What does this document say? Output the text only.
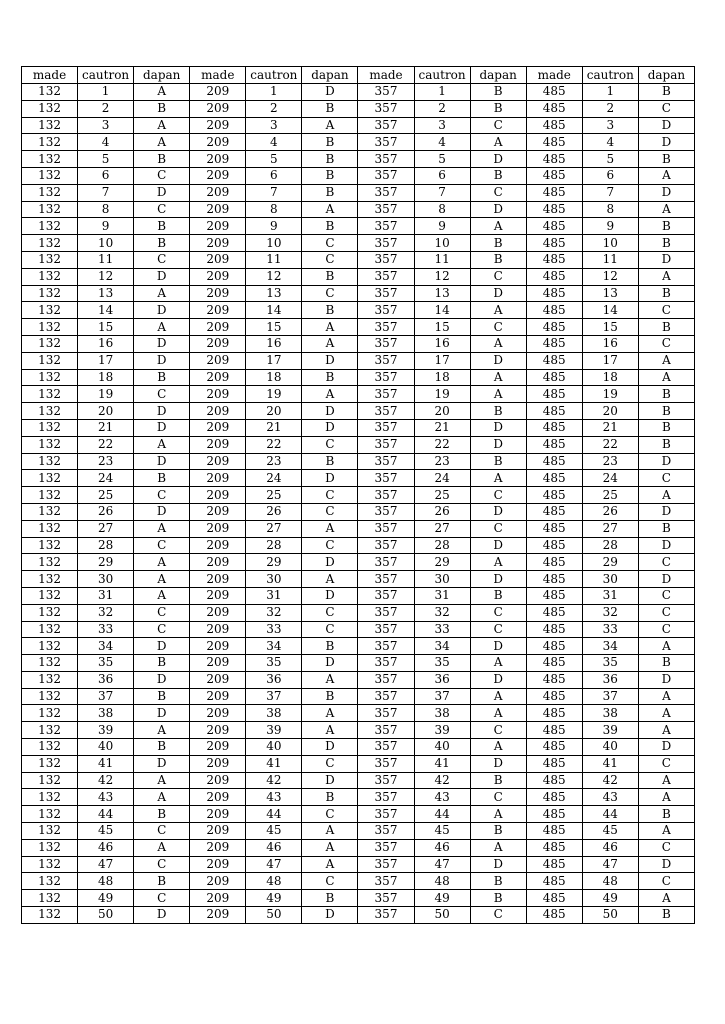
made	cautron	dapan	made	cautron	dapan	made	cautron	dapan	made	cautron	dapan
132	1	A	209	1	D	357	1	B	485	1	B
132	2	B	209	2	B	357	2	B	485	2	C
132	3	A	209	3	A	357	3	C	485	3	D
132	4	A	209	4	B	357	4	A	485	4	D
132	5	B	209	5	B	357	5	D	485	5	B
132	6	C	209	6	B	357	6	B	485	6	A
132	7	D	209	7	B	357	7	C	485	7	D
132	8	C	209	8	A	357	8	D	485	8	A
132	9	B	209	9	B	357	9	A	485	9	B
132	10	B	209	10	C	357	10	B	485	10	B
132	11	C	209	11	C	357	11	B	485	11	D
132	12	D	209	12	B	357	12	C	485	12	A
132	13	A	209	13	C	357	13	D	485	13	B
132	14	D	209	14	B	357	14	A	485	14	C
132	15	A	209	15	A	357	15	C	485	15	B
132	16	D	209	16	A	357	16	A	485	16	C
132	17	D	209	17	D	357	17	D	485	17	A
132	18	B	209	18	B	357	18	A	485	18	A
132	19	C	209	19	A	357	19	A	485	19	B
132	20	D	209	20	D	357	20	B	485	20	B
132	21	D	209	21	D	357	21	D	485	21	B
132	22	A	209	22	C	357	22	D	485	22	B
132	23	D	209	23	B	357	23	B	485	23	D
132	24	B	209	24	D	357	24	A	485	24	C
132	25	C	209	25	C	357	25	C	485	25	A
132	26	D	209	26	C	357	26	D	485	26	D
132	27	A	209	27	A	357	27	C	485	27	B
132	28	C	209	28	C	357	28	D	485	28	D
132	29	A	209	29	D	357	29	A	485	29	C
132	30	A	209	30	A	357	30	D	485	30	D
132	31	A	209	31	D	357	31	B	485	31	C
132	32	C	209	32	C	357	32	C	485	32	C
132	33	C	209	33	C	357	33	C	485	33	C
132	34	D	209	34	B	357	34	D	485	34	A
132	35	B	209	35	D	357	35	A	485	35	B
132	36	D	209	36	A	357	36	D	485	36	D
132	37	B	209	37	B	357	37	A	485	37	A
132	38	D	209	38	A	357	38	A	485	38	A
132	39	A	209	39	A	357	39	C	485	39	A
132	40	B	209	40	D	357	40	A	485	40	D
132	41	D	209	41	C	357	41	D	485	41	C
132	42	A	209	42	D	357	42	B	485	42	A
132	43	A	209	43	B	357	43	C	485	43	A
132	44	B	209	44	C	357	44	A	485	44	B
132	45	C	209	45	A	357	45	B	485	45	A
132	46	A	209	46	A	357	46	A	485	46	C
132	47	C	209	47	A	357	47	D	485	47	D
132	48	B	209	48	C	357	48	B	485	48	C
132	49	C	209	49	B	357	49	B	485	49	A
132	50	D	209	50	D	357	50	C	485	50	B
